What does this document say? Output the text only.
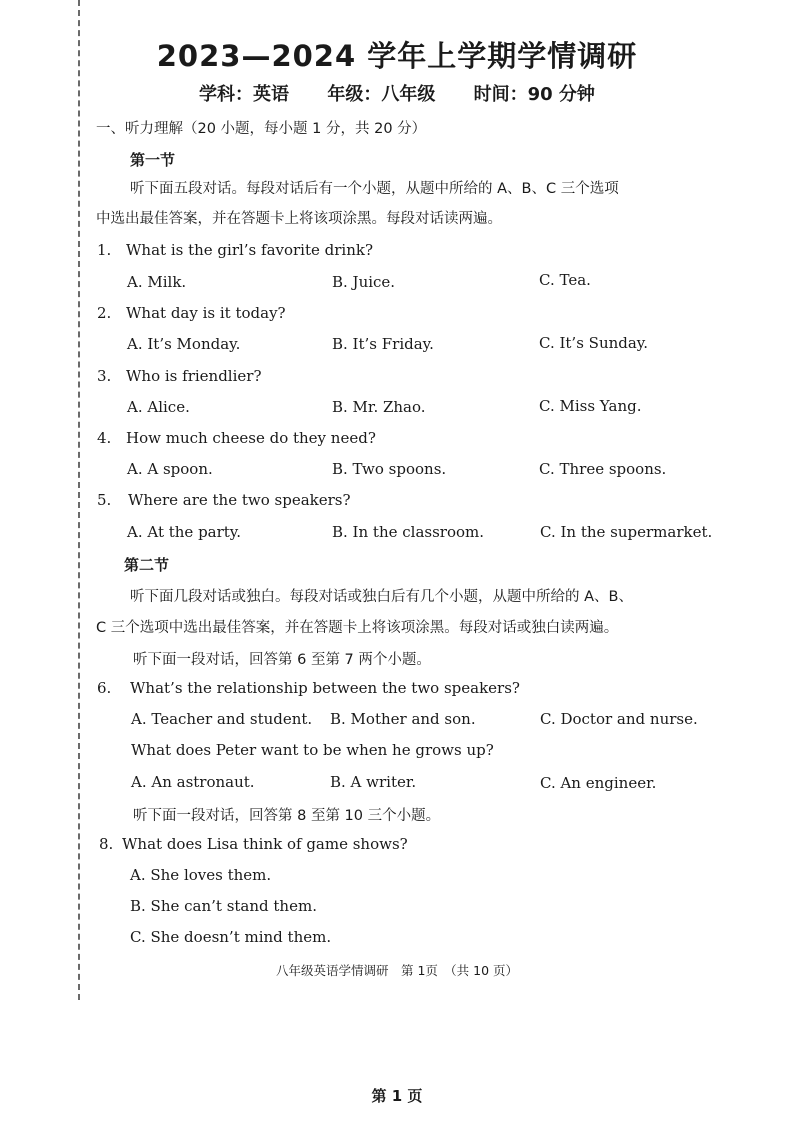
2023—2024 学年上学期学情调研
学科：英语 年级：八年级 时间：90 分钟
一、听力理解（20 小题，每小题 1 分，共 20 分）
第一节
听下面五段对话。每段对话后有一个小题，从题中所给的 A、B、C 三个选项
中选出最佳答案，并在答题卡上将该项涂黑。每段对话读两遍。
1. What is the girl’s favorite drink?
A. Milk.	B. Juice.	C. Tea.
2. What day is it today?
A. It’s Monday.	B. It’s Friday.	C. It’s Sunday.
3. Who is friendlier?
A. Alice.	B. Mr. Zhao.	C. Miss Yang.
4. How much cheese do they need?
A. A spoon.	B. Two spoons.	C. Three spoons.
5. Where are the two speakers?
A. At the party.	B. In the classroom.	C. In the supermarket.
第二节
听下面几段对话或独白。每段对话或独白后有几个小题，从题中所给的 A、B、
C 三个选项中选出最佳答案，并在答题卡上将该项涂黑。每段对话或独白读两遍。
听下面一段对话，回答第 6 至第 7 两个小题。
6. What’s the relationship between the two speakers?
A. Teacher and student. B. Mother and son.	C. Doctor and nurse.
What does Peter want to be when he grows up?
A. An astronaut.	B. A writer.	C. An engineer.
听下面一段对话，回答第 8 至第 10 三个小题。
8. What does Lisa think of game shows?
A. She loves them.
B. She can’t stand them.
C. She doesn’t mind them.
八年级英语学情调研　第 1页　（共 10 页）
第 1 页
